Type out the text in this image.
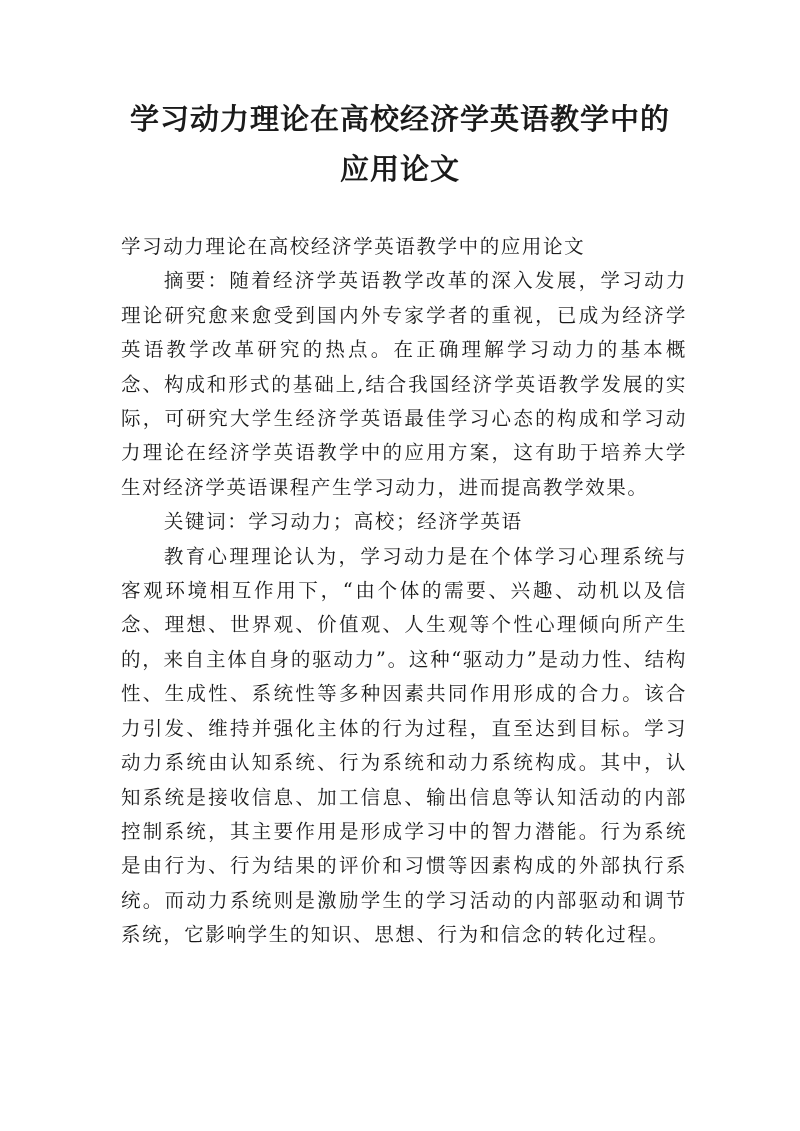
学习动力理论在高校经济学英语教学中的
应用论文

学习动力理论在高校经济学英语教学中的应用论文

摘要：随着经济学英语教学改革的深入发展，学习动力理论研究愈来愈受到国内外专家学者的重视，已成为经济学英语教学改革研究的热点。在正确理解学习动力的基本概念、构成和形式的基础上,结合我国经济学英语教学发展的实际，可研究大学生经济学英语最佳学习心态的构成和学习动力理论在经济学英语教学中的应用方案，这有助于培养大学生对经济学英语课程产生学习动力，进而提高教学效果。

关键词：学习动力；高校；经济学英语

教育心理理论认为，学习动力是在个体学习心理系统与客观环境相互作用下，“由个体的需要、兴趣、动机以及信念、理想、世界观、价值观、人生观等个性心理倾向所产生的，来自主体自身的驱动力”。这种“驱动力”是动力性、结构性、生成性、系统性等多种因素共同作用形成的合力。该合力引发、维持并强化主体的行为过程，直至达到目标。学习动力系统由认知系统、行为系统和动力系统构成。其中，认知系统是接收信息、加工信息、输出信息等认知活动的内部控制系统，其主要作用是形成学习中的智力潜能。行为系统是由行为、行为结果的评价和习惯等因素构成的外部执行系统。而动力系统则是激励学生的学习活动的内部驱动和调节系统，它影响学生的知识、思想、行为和信念的转化过程。
